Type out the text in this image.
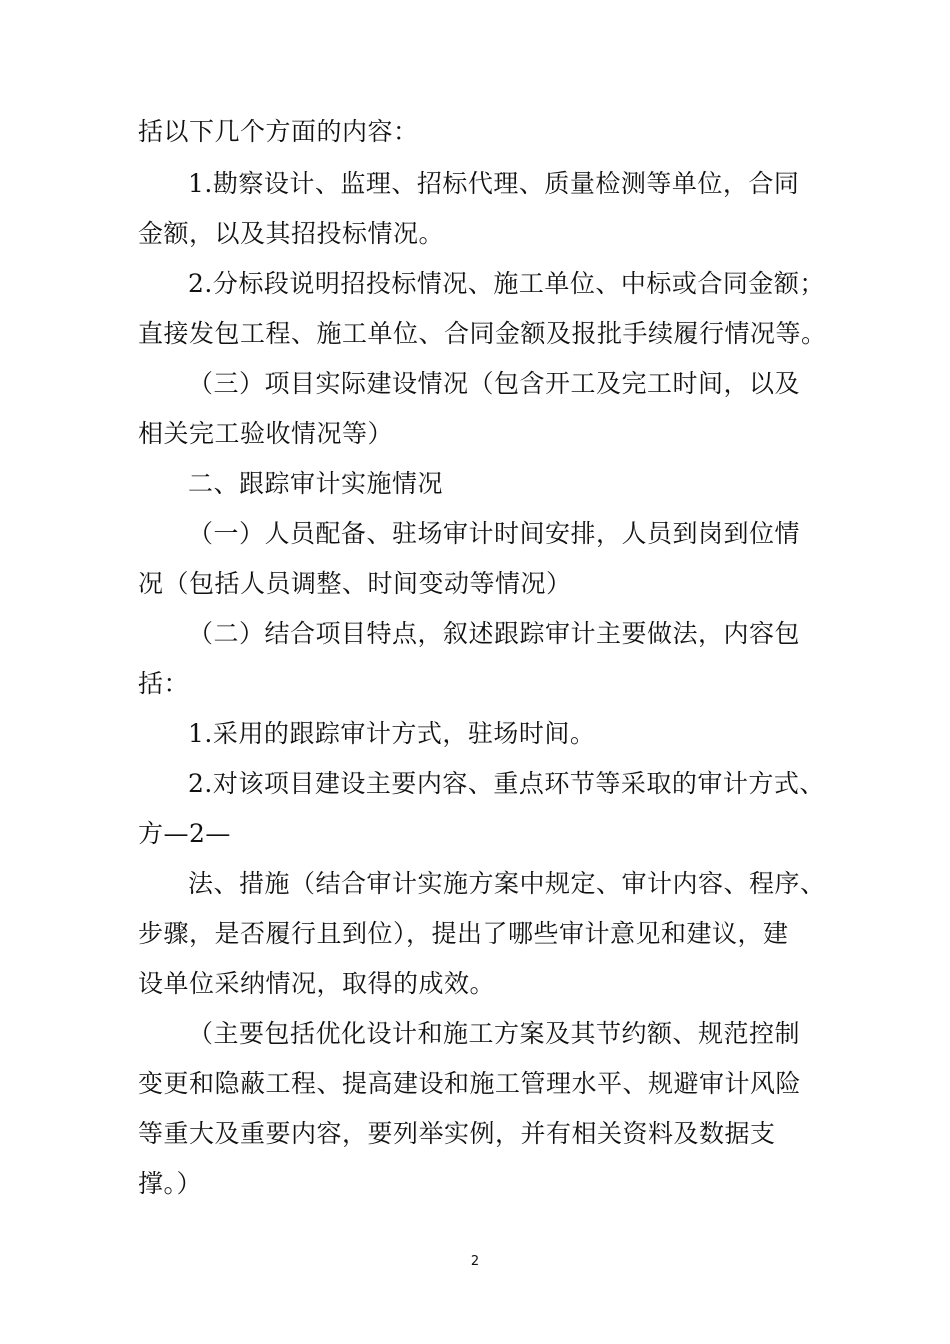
括以下几个方面的内容：
1.勘察设计、监理、招标代理、质量检测等单位，合同
金额，以及其招投标情况。
2.分标段说明招投标情况、施工单位、中标或合同金额；
直接发包工程、施工单位、合同金额及报批手续履行情况等。
（三）项目实际建设情况（包含开工及完工时间，以及
相关完工验收情况等）
二、跟踪审计实施情况
（一）人员配备、驻场审计时间安排，人员到岗到位情
况（包括人员调整、时间变动等情况）
（二）结合项目特点，叙述跟踪审计主要做法，内容包
括：
1.采用的跟踪审计方式，驻场时间。
2.对该项目建设主要内容、重点环节等采取的审计方式、
方—2—
法、措施（结合审计实施方案中规定、审计内容、程序、
步骤，是否履行且到位），提出了哪些审计意见和建议，建
设单位采纳情况，取得的成效。
（主要包括优化设计和施工方案及其节约额、规范控制
变更和隐蔽工程、提高建设和施工管理水平、规避审计风险
等重大及重要内容，要列举实例，并有相关资料及数据支
撑。）
2
